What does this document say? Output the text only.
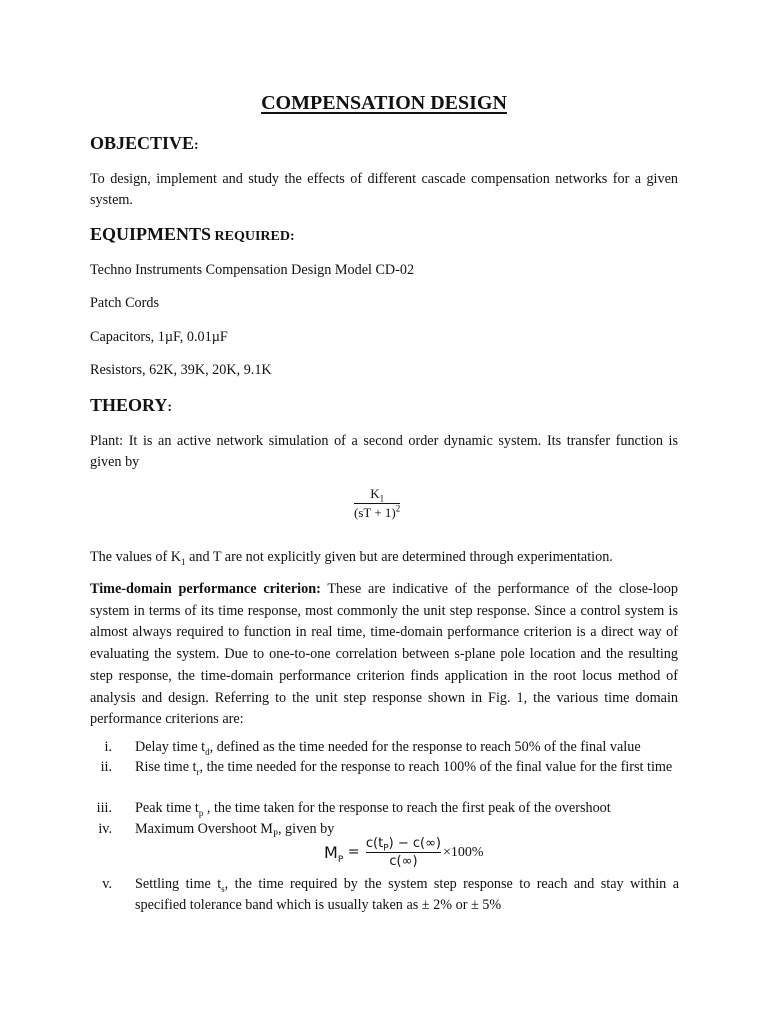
COMPENSATION DESIGN
OBJECTIVE:
To design, implement and study the effects of different cascade compensation networks for a given system.
EQUIPMENTS REQUIRED:
Techno Instruments Compensation Design Model CD-02
Patch Cords
Capacitors, 1µF, 0.01µF
Resistors, 62K, 39K, 20K, 9.1K
THEORY:
Plant: It is an active network simulation of a second order dynamic system. Its transfer function is given by
$K_1$
(sT + 1)$^2$
The values of $K_1$ and T are not explicitly given but are determined through experimentation.
Time-domain performance criterion: These are indicative of the performance of the close-loop system in terms of its time response, most commonly the unit step response. Since a control system is almost always required to function in real time, time-domain performance criterion is a direct way of evaluating the system. Due to one-to-one correlation between s-plane pole location and the resulting step response, the time-domain performance criterion finds application in the root locus method of analysis and design. Referring to the unit step response shown in Fig. 1, the various time domain performance criterions are:
i. Delay time $t_d$, defined as the time needed for the response to reach 50% of the final value
ii. Rise time $t_r$, the time needed for the response to reach 100% of the final value for the first time
iii. Peak time $t_p$ , the time taken for the response to reach the first peak of the overshoot
iv. Maximum Overshoot $M_P$, given by
$M_P$
=
$c(t_P) - c(\infty)$
c(∞)
×100%
v. Settling time $t_s$, the time required by the system step response to reach and stay within a specified tolerance band which is usually taken as ± 2% or ± 5%
